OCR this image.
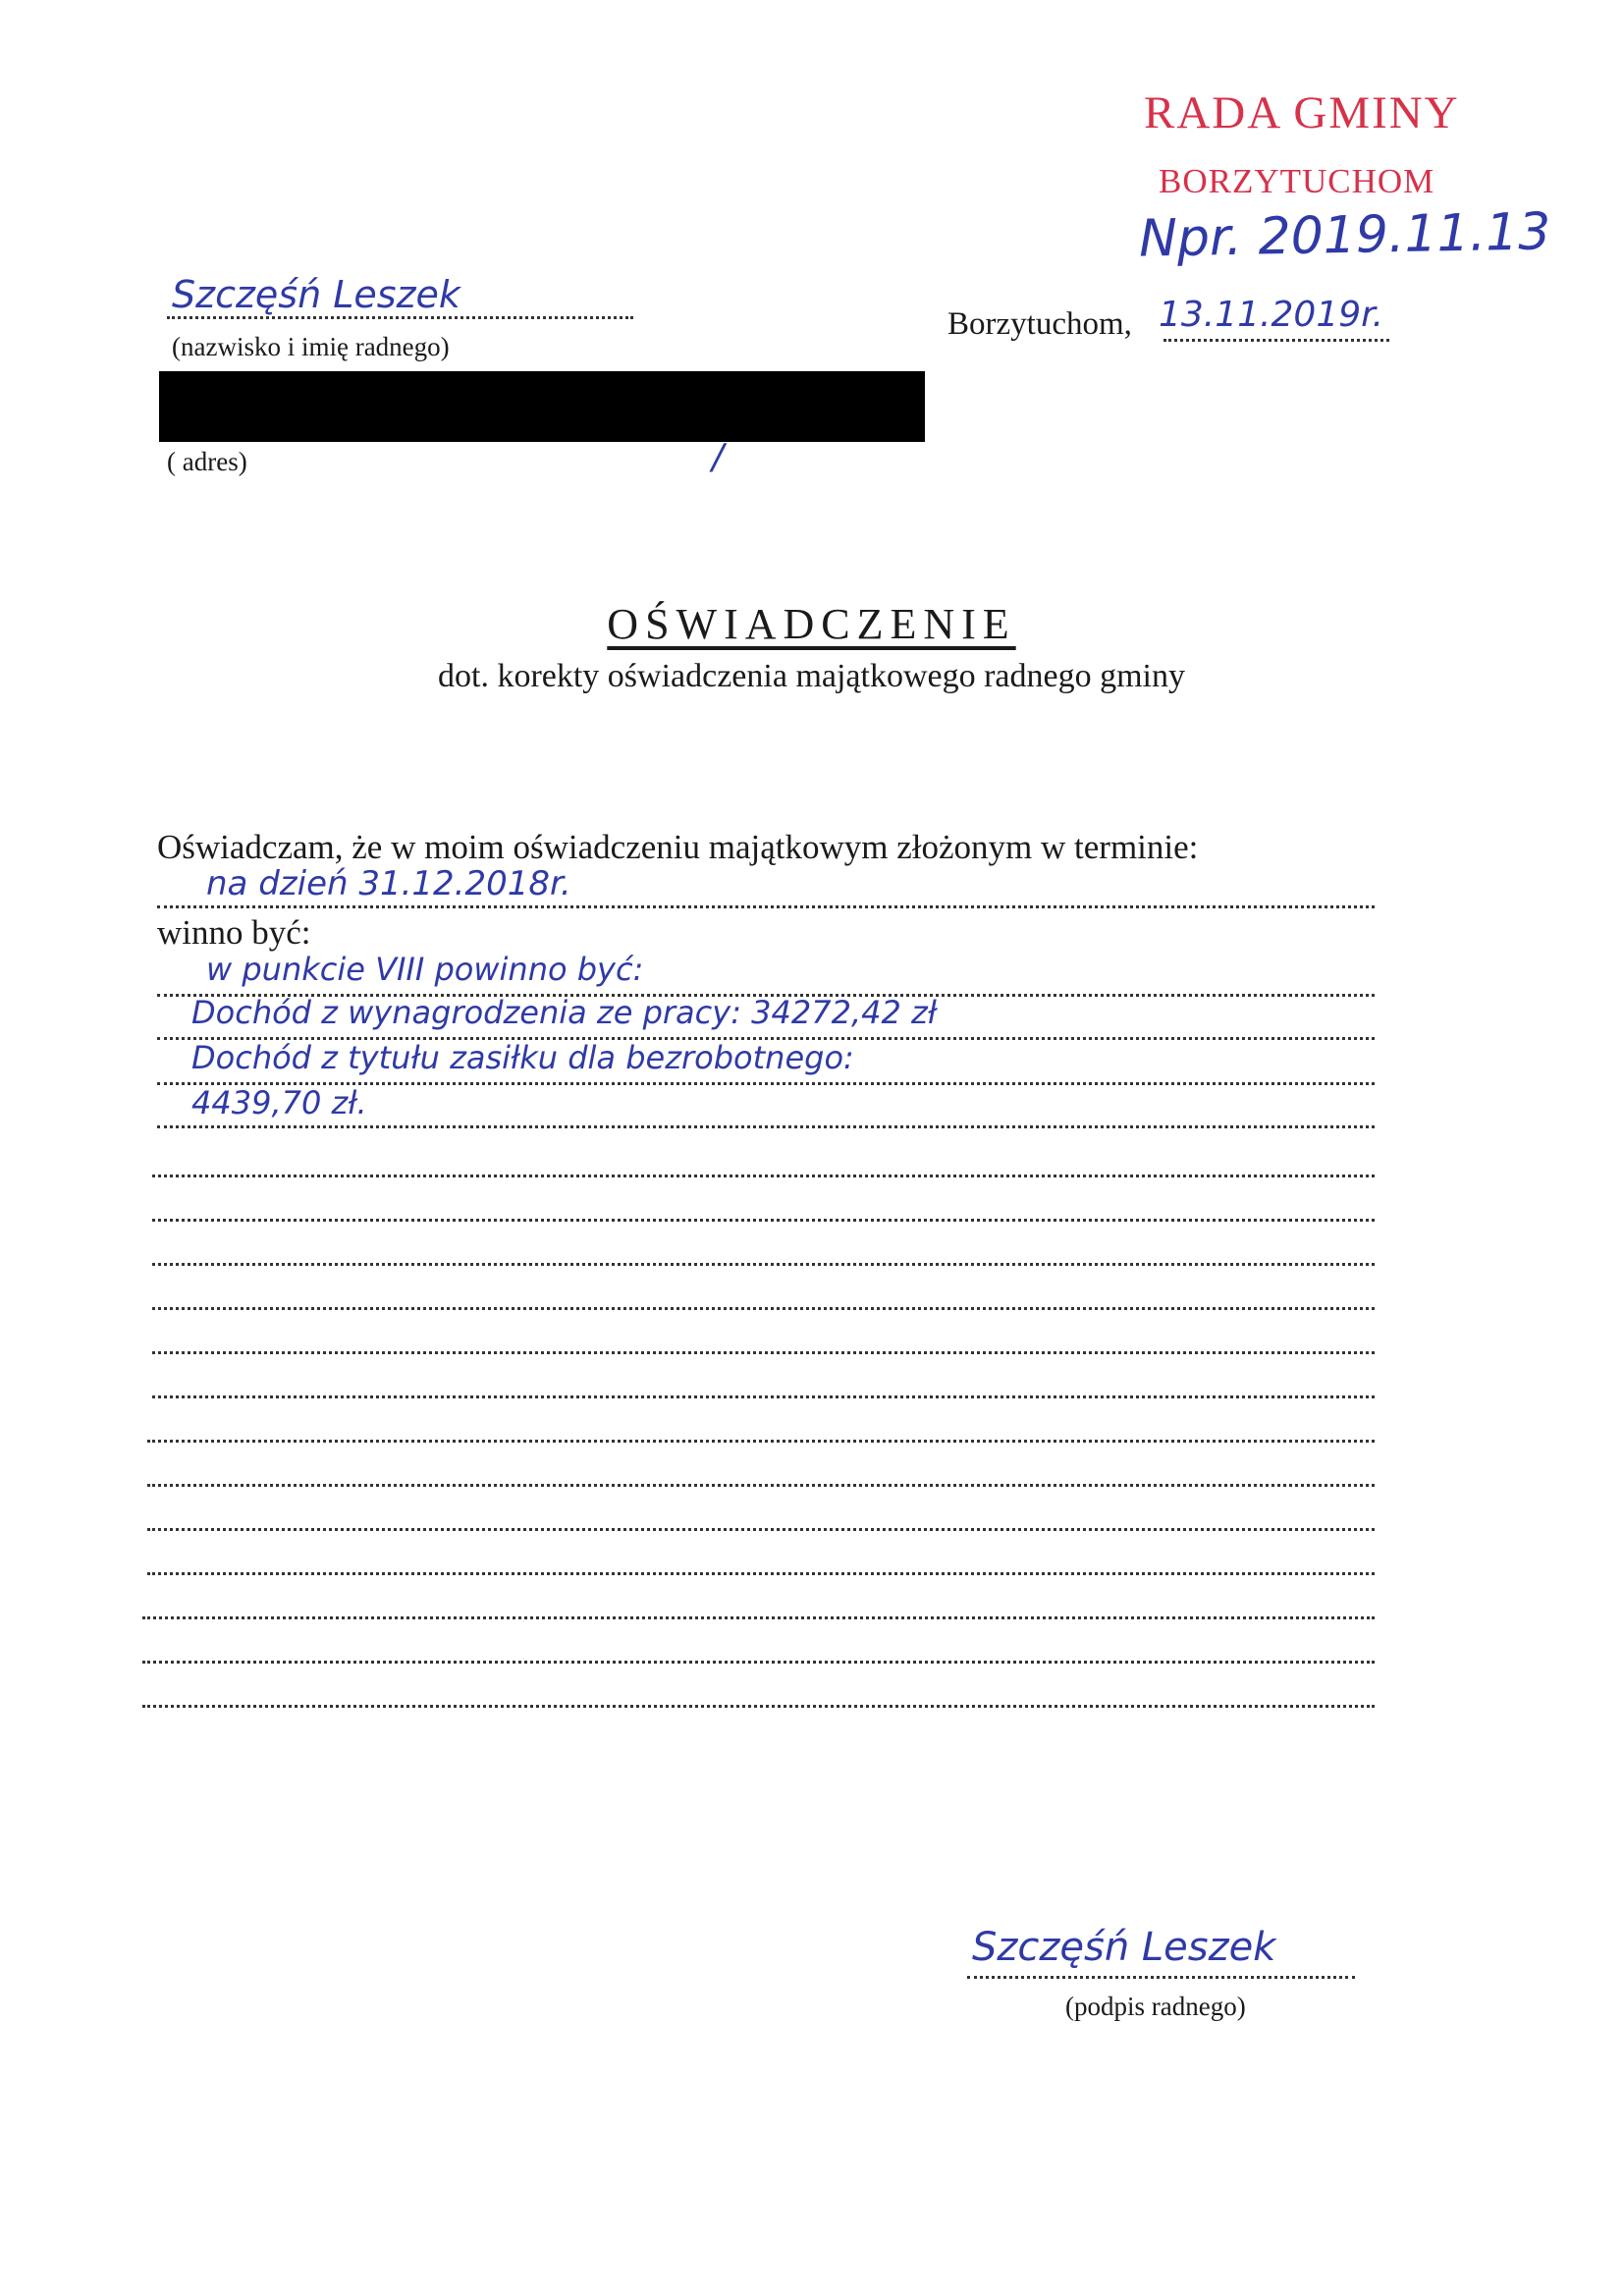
RADA GMINY
BORZYTUCHOM
Npr. 2019.11.13
Szczęśń Leszek
(nazwisko i imię radnego)
Borzytuchom, 13.11.2019r.
( adres)	/
OŚWIADCZENIE
dot. korekty oświadczenia majątkowego radnego gminy
Oświadczam, że w moim oświadczeniu majątkowym złożonym w terminie:
na dzień 31.12.2018r.
winno być:
w punkcie VIII powinno być:
Dochód z wynagrodzenia ze pracy: 34272,42 zł
Dochód z tytułu zasiłku dla bezrobotnego:
4439,70 zł.
Szczęśń Leszek
(podpis radnego)
